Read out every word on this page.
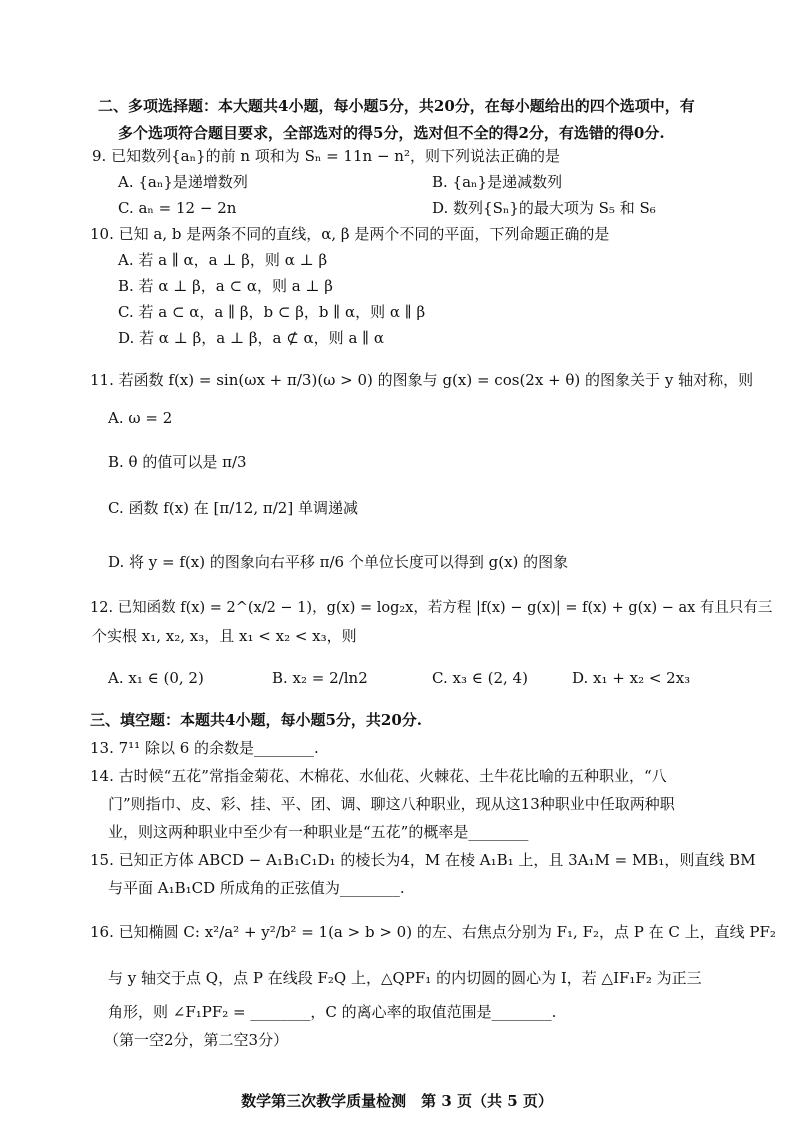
二、多项选择题：本大题共4小题，每小题5分，共20分，在每小题给出的四个选项中，有
多个选项符合题目要求，全部选对的得5分，选对但不全的得2分，有选错的得0分.
9. 已知数列{aₙ}的前 n 项和为 Sₙ = 11n − n²，则下列说法正确的是
A. {aₙ}是递增数列	B. {aₙ}是递减数列
C. aₙ = 12 − 2n	D. 数列{Sₙ}的最大项为 S₅ 和 S₆
10. 已知 a, b 是两条不同的直线，α, β 是两个不同的平面，下列命题正确的是
A. 若 a ∥ α，a ⊥ β，则 α ⊥ β
B. 若 α ⊥ β，a ⊂ α，则 a ⊥ β
C. 若 a ⊂ α，a ∥ β，b ⊂ β，b ∥ α，则 α ∥ β
D. 若 α ⊥ β，a ⊥ β，a ⊄ α，则 a ∥ α
11. 若函数 f(x) = sin(ωx + π/3)(ω > 0) 的图象与 g(x) = cos(2x + θ) 的图象关于 y 轴对称，则
A. ω = 2
B. θ 的值可以是 π/3
C. 函数 f(x) 在 [π/12, π/2] 单调递减
D. 将 y = f(x) 的图象向右平移 π/6 个单位长度可以得到 g(x) 的图象
12. 已知函数 f(x) = 2^(x/2 − 1)，g(x) = log₂x，若方程 |f(x) − g(x)| = f(x) + g(x) − ax 有且只有三
个实根 x₁, x₂, x₃，且 x₁ < x₂ < x₃，则
A. x₁ ∈ (0, 2)	B. x₂ = 2/ln2	C. x₃ ∈ (2, 4)	D. x₁ + x₂ < 2x₃
三、填空题：本题共4小题，每小题5分，共20分.
13. 7¹¹ 除以 6 的余数是________.
14. 古时候“五花”常指金菊花、木棉花、水仙花、火棘花、土牛花比喻的五种职业，“八
门”则指巾、皮、彩、挂、平、团、调、聊这八种职业，现从这13种职业中任取两种职
业，则这两种职业中至少有一种职业是“五花”的概率是________
15. 已知正方体 ABCD − A₁B₁C₁D₁ 的棱长为4，M 在棱 A₁B₁ 上，且 3A₁M = MB₁，则直线 BM
与平面 A₁B₁CD 所成角的正弦值为________.
16. 已知椭圆 C: x²/a² + y²/b² = 1(a > b > 0) 的左、右焦点分别为 F₁, F₂，点 P 在 C 上，直线 PF₂
与 y 轴交于点 Q，点 P 在线段 F₂Q 上，△QPF₁ 的内切圆的圆心为 I，若 △IF₁F₂ 为正三
角形，则 ∠F₁PF₂ = ________，C 的离心率的取值范围是________.
（第一空2分，第二空3分）
数学第三次教学质量检测　第 3 页（共 5 页）
